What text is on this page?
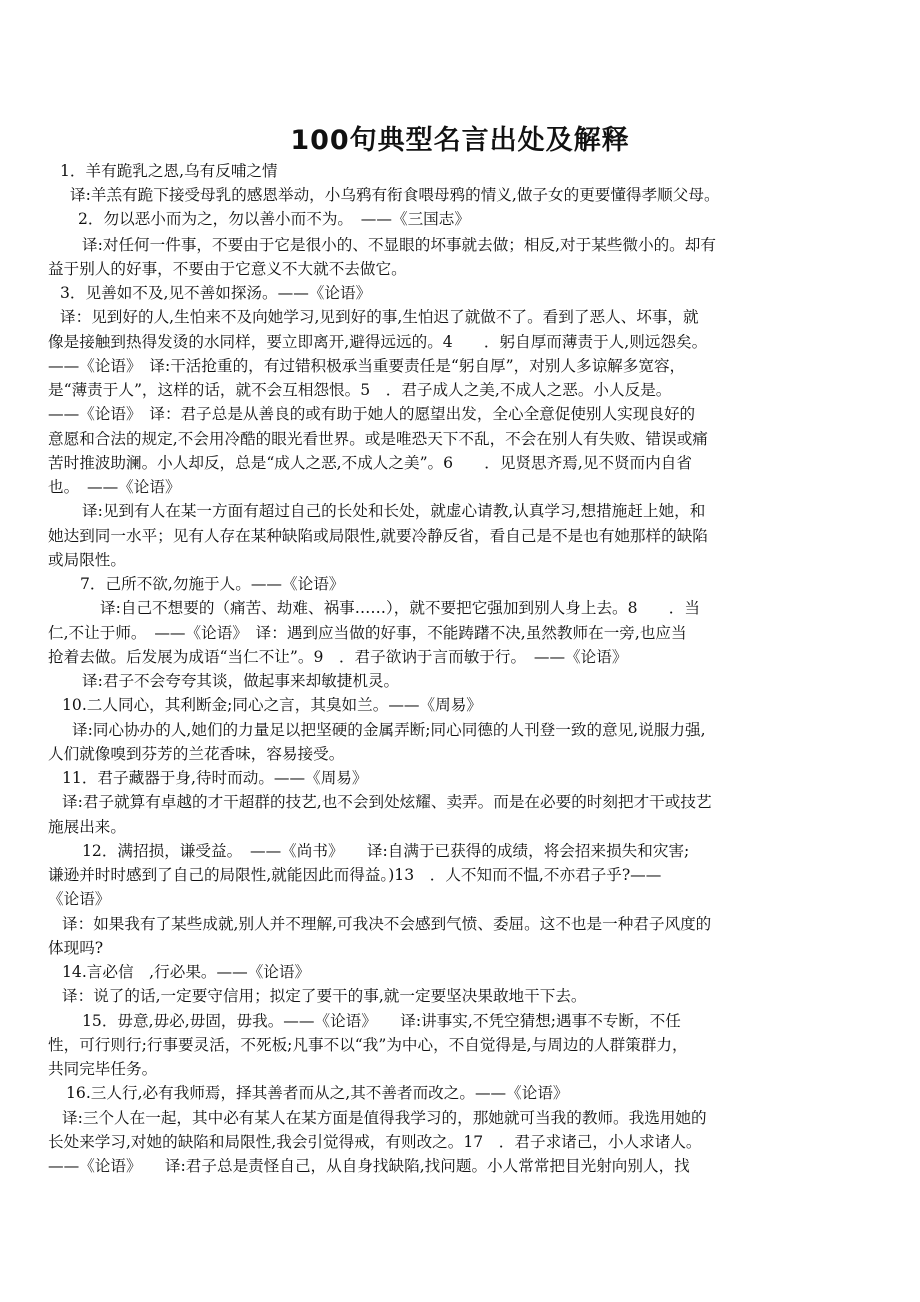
100句典型名言出处及解释
1．羊有跪乳之恩,乌有反哺之情
译:羊羔有跪下接受母乳的感恩举动，小乌鸦有衔食喂母鸦的情义,做子女的更要懂得孝顺父母。
2．勿以恶小而为之，勿以善小而不为。　——《三国志》
译:对任何一件事，不要由于它是很小的、不显眼的坏事就去做；相反,对于某些微小的。却有
益于别人的好事，不要由于它意义不大就不去做它。
3．见善如不及,见不善如探汤。——《论语》
译：见到好的人,生怕来不及向她学习,见到好的事,生怕迟了就做不了。看到了恶人、坏事，就
像是接触到热得发烫的水同样，要立即离开,避得远远的。4　　．躬自厚而薄责于人,则远怨矣。
——《论语》　译:干活抢重的，有过错积极承当重要责任是“躬自厚”，对别人多谅解多宽容，
是“薄责于人”，这样的话，就不会互相怨恨。5　．君子成人之美,不成人之恶。小人反是。
——《论语》　译：君子总是从善良的或有助于她人的愿望出发，全心全意促使别人实现良好的
意愿和合法的规定,不会用冷酷的眼光看世界。或是唯恐天下不乱，不会在别人有失败、错误或痛
苦时推波助澜。小人却反，总是“成人之恶,不成人之美”。6　　．见贤思齐焉,见不贤而内自省
也。　——《论语》
译:见到有人在某一方面有超过自己的长处和长处，就虚心请教,认真学习,想措施赶上她，和
她达到同一水平；见有人存在某种缺陷或局限性,就要冷静反省，看自己是不是也有她那样的缺陷
或局限性。
7．己所不欲,勿施于人。——《论语》
译:自己不想要的（痛苦、劫难、祸事……），就不要把它强加到别人身上去。8　　．当
仁,不让于师。　——《论语》　译：遇到应当做的好事，不能踌躇不决,虽然教师在一旁,也应当
抢着去做。后发展为成语“当仁不让”。9　．君子欲讷于言而敏于行。　——《论语》
译:君子不会夸夸其谈，做起事来却敏捷机灵。
10.二人同心，其利断金;同心之言，其臭如兰。——《周易》
译:同心协办的人,她们的力量足以把坚硬的金属弄断;同心同德的人刊登一致的意见,说服力强,
人们就像嗅到芬芳的兰花香味，容易接受。
11．君子藏器于身,待时而动。——《周易》
译:君子就算有卓越的才干超群的技艺,也不会到处炫耀、卖弄。而是在必要的时刻把才干或技艺
施展出来。
12．满招损，谦受益。　——《尚书》　　译:自满于已获得的成绩，将会招来损失和灾害;
谦逊并时时感到了自己的局限性,就能因此而得益。)13　．人不知而不愠,不亦君子乎?——
《论语》
译：如果我有了某些成就,别人并不理解,可我决不会感到气愤、委屈。这不也是一种君子风度的
体现吗?
14.言必信　,行必果。——《论语》
译：说了的话,一定要守信用；拟定了要干的事,就一定要坚决果敢地干下去。
15．毋意,毋必,毋固，毋我。——《论语》　　译:讲事实,不凭空猜想;遇事不专断，不任
性，可行则行;行事要灵活，不死板;凡事不以“我”为中心，不自觉得是,与周边的人群策群力，
共同完毕任务。
16.三人行,必有我师焉，择其善者而从之,其不善者而改之。——《论语》
译:三个人在一起，其中必有某人在某方面是值得我学习的，那她就可当我的教师。我选用她的
长处来学习,对她的缺陷和局限性,我会引觉得戒，有则改之。17　．君子求诸己，小人求诸人。
——《论语》　　译:君子总是责怪自己，从自身找缺陷,找问题。小人常常把目光射向别人，找
